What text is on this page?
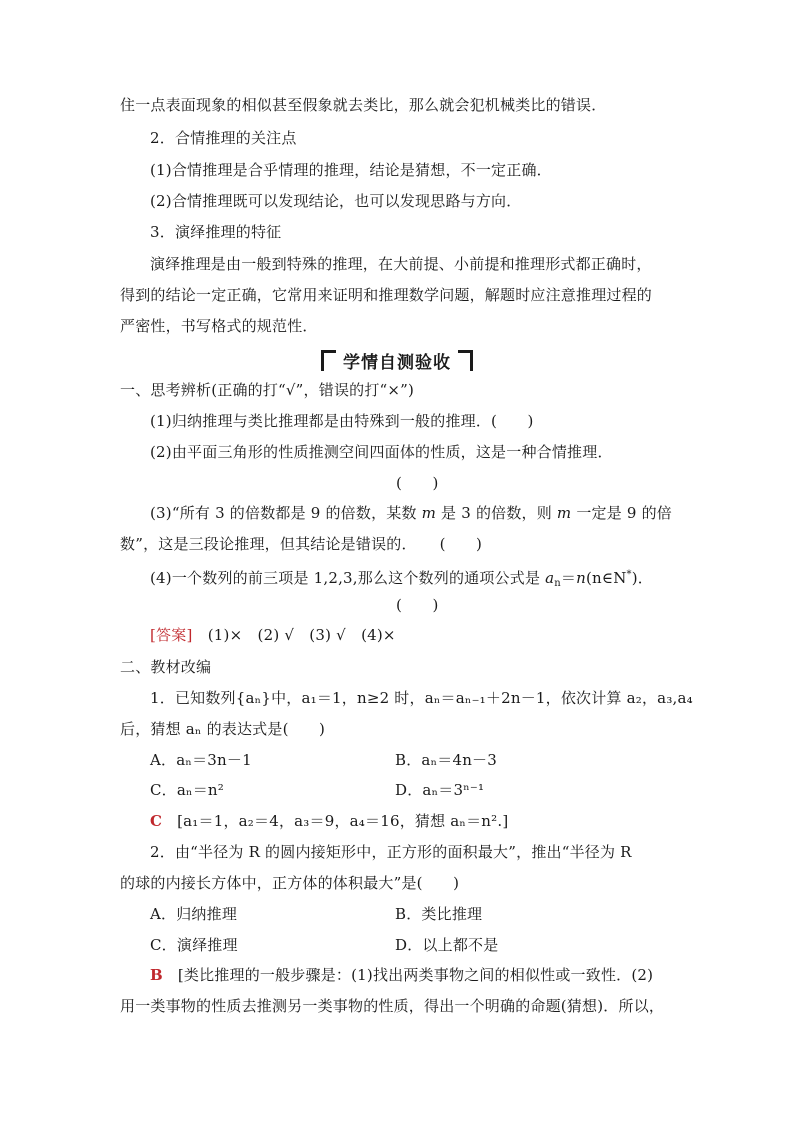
住一点表面现象的相似甚至假象就去类比，那么就会犯机械类比的错误．
2．合情推理的关注点
(1)合情推理是合乎情理的推理，结论是猜想，不一定正确．
(2)合情推理既可以发现结论，也可以发现思路与方向．
3．演绎推理的特征
演绎推理是由一般到特殊的推理，在大前提、小前提和推理形式都正确时，
得到的结论一定正确，它常用来证明和推理数学问题，解题时应注意推理过程的
严密性，书写格式的规范性．
学情自测验收
一、思考辨析(正确的打“√”，错误的打“×”)
(1)归纳推理与类比推理都是由特殊到一般的推理．(　　)
(2)由平面三角形的性质推测空间四面体的性质，这是一种合情推理．
(　　)
(3)“所有 3 的倍数都是 9 的倍数，某数 m 是 3 的倍数，则 m 一定是 9 的倍
数”，这是三段论推理，但其结论是错误的．　　(　　)
(4)一个数列的前三项是 1,2,3,那么这个数列的通项公式是 $a_n=n(n\in N^*)$．
(　　)
[答案]　(1)×　(2) √　(3) √　(4)×
二、教材改编
1．已知数列{aₙ}中，a₁＝1，n≥2 时，aₙ＝aₙ₋₁＋2n－1，依次计算 a₂，a₃,a₄
后，猜想 aₙ 的表达式是(　　)
A．aₙ＝3n－1	B．aₙ＝4n－3
C．aₙ＝n²	D．aₙ＝3ⁿ⁻¹
C [a₁＝1，a₂＝4，a₃＝9，a₄＝16，猜想 aₙ＝n².]
2．由“半径为 R 的圆内接矩形中，正方形的面积最大”，推出“半径为 R
的球的内接长方体中，正方体的体积最大”是(　　)
A．归纳推理	B．类比推理
C．演绎推理	D．以上都不是
B [类比推理的一般步骤是：(1)找出两类事物之间的相似性或一致性．(2)
用一类事物的性质去推测另一类事物的性质，得出一个明确的命题(猜想)．所以，
